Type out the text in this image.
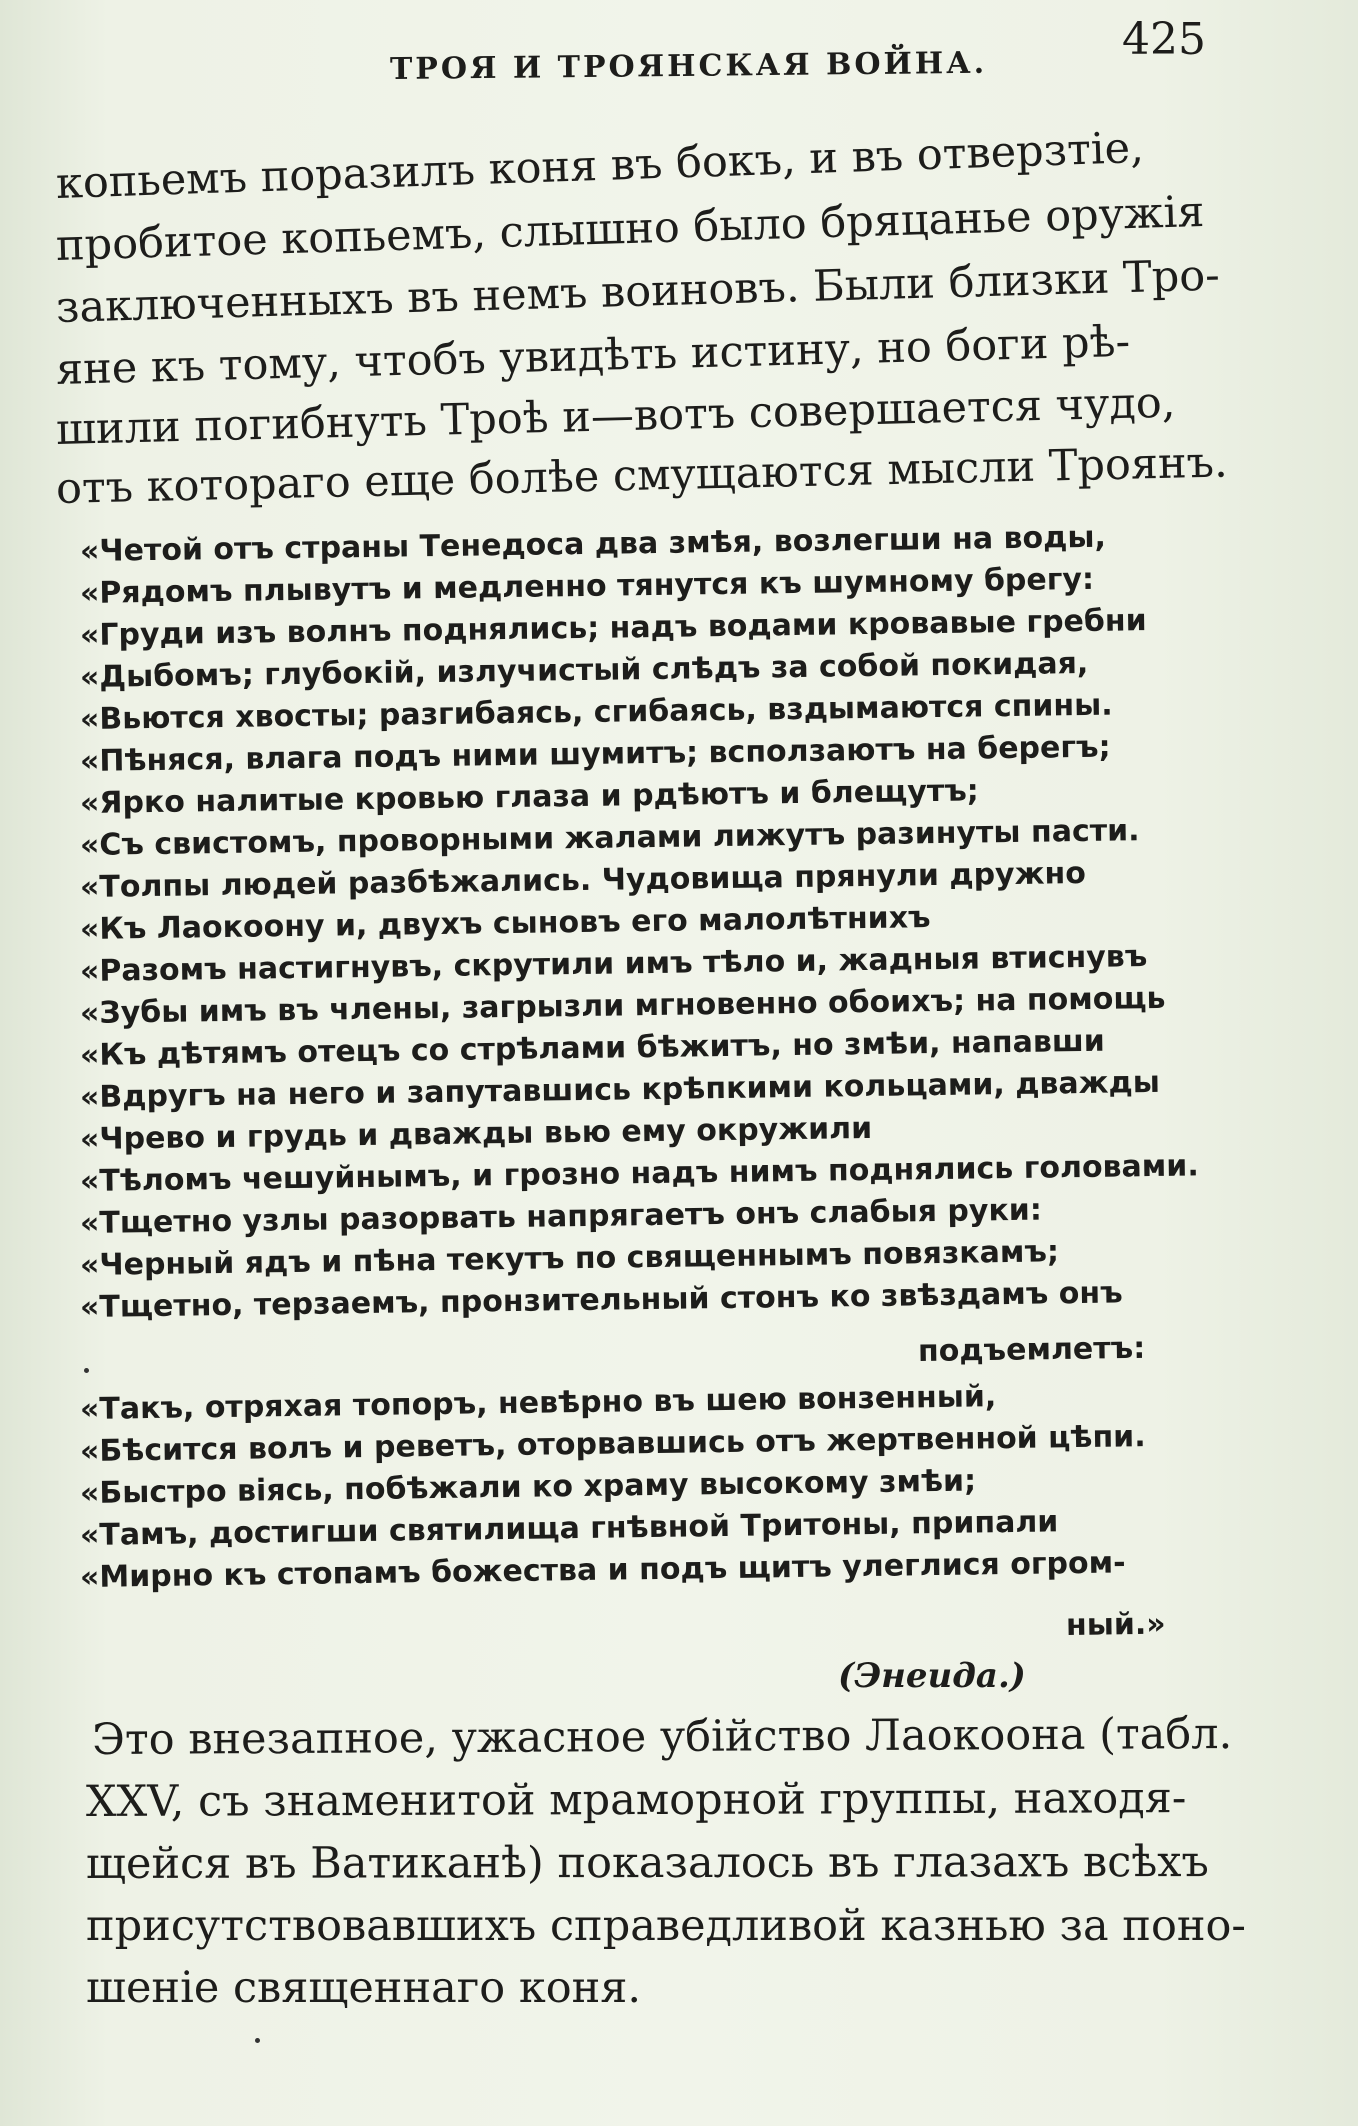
ТРОЯ И ТРОЯНСКАЯ ВОЙНА.
425
копьемъ поразилъ коня въ бокъ, и въ отверзтіе,
пробитое копьемъ, слышно было бряцанье оружія
заключенныхъ въ немъ воиновъ. Были близки Тро-
яне къ тому, чтобъ увидѣть истину, но боги рѣ-
шили погибнуть Троѣ и—вотъ совершается чудо,
отъ котораго еще болѣе смущаются мысли Троянъ.
«Четой отъ страны Тенедоса два змѣя, возлегши на воды,
«Рядомъ плывутъ и медленно тянутся къ шумному брегу:
«Груди изъ волнъ поднялись; надъ водами кровавые гребни
«Дыбомъ; глубокій, излучистый слѣдъ за собой покидая,
«Вьются хвосты; разгибаясь, сгибаясь, вздымаются спины.
«Пѣняся, влага подъ ними шумитъ; всползаютъ на берегъ;
«Ярко налитые кровью глаза и рдѣютъ и блещутъ;
«Съ свистомъ, проворными жалами лижутъ разинуты пасти.
«Толпы людей разбѣжались. Чудовища прянули дружно
«Къ Лаокоону и, двухъ сыновъ его малолѣтнихъ
«Разомъ настигнувъ, скрутили имъ тѣло и, жадныя втиснувъ
«Зубы имъ въ члены, загрызли мгновенно обоихъ; на помощь
«Къ дѣтямъ отецъ со стрѣлами бѣжитъ, но змѣи, напавши
«Вдругъ на него и запутавшись крѣпкими кольцами, дважды
«Чрево и грудь и дважды вью ему окружили
«Тѣломъ чешуйнымъ, и грозно надъ нимъ поднялись головами.
«Тщетно узлы разорвать напрягаетъ онъ слабыя руки:
«Черный ядъ и пѣна текутъ по священнымъ повязкамъ;
«Тщетно, терзаемъ, пронзительный стонъ ко звѣздамъ онъ
подъемлетъ:
«Такъ, отряхая топоръ, невѣрно въ шею вонзенный,
«Бѣсится волъ и реветъ, оторвавшись отъ жертвенной цѣпи.
«Быстро віясь, побѣжали ко храму высокому змѣи;
«Тамъ, достигши святилища гнѣвной Тритоны, припали
«Мирно къ стопамъ божества и подъ щитъ улеглися огром-
ный.»
(Энеида.)
Это внезапное, ужасное убійство Лаокоона (табл.
XXV, съ знаменитой мраморной группы, находя-
щейся въ Ватиканѣ) показалось въ глазахъ всѣхъ
присутствовавшихъ справедливой казнью за поно-
шеніе священнаго коня.
